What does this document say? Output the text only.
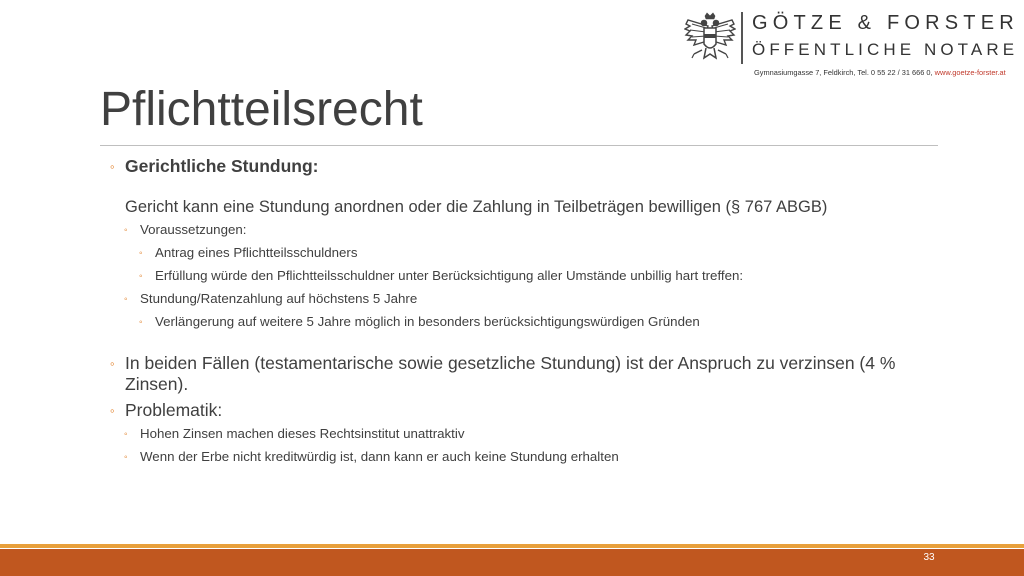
GÖTZE & FORSTER
ÖFFENTLICHE NOTARE
Gymnasiumgasse 7, Feldkirch, Tel. 0 55 22 / 31 666 0, www.goetze-forster.at
Pflichtteilsrecht
◦ Gerichtliche Stundung:
Gericht kann eine Stundung anordnen oder die Zahlung in Teilbeträgen bewilligen (§ 767 ABGB)
◦ Voraussetzungen:
◦ Antrag eines Pflichtteilsschuldners
◦ Erfüllung würde den Pflichtteilsschuldner unter Berücksichtigung aller Umstände unbillig hart treffen:
◦ Stundung/Ratenzahlung auf höchstens 5 Jahre
◦ Verlängerung auf weitere 5 Jahre möglich in besonders berücksichtigungswürdigen Gründen
◦ In beiden Fällen (testamentarische sowie gesetzliche Stundung) ist der Anspruch zu verzinsen (4 % Zinsen).
◦ Problematik:
◦ Hohen Zinsen machen dieses Rechtsinstitut unattraktiv
◦ Wenn der Erbe nicht kreditwürdig ist, dann kann er auch keine Stundung erhalten
33
